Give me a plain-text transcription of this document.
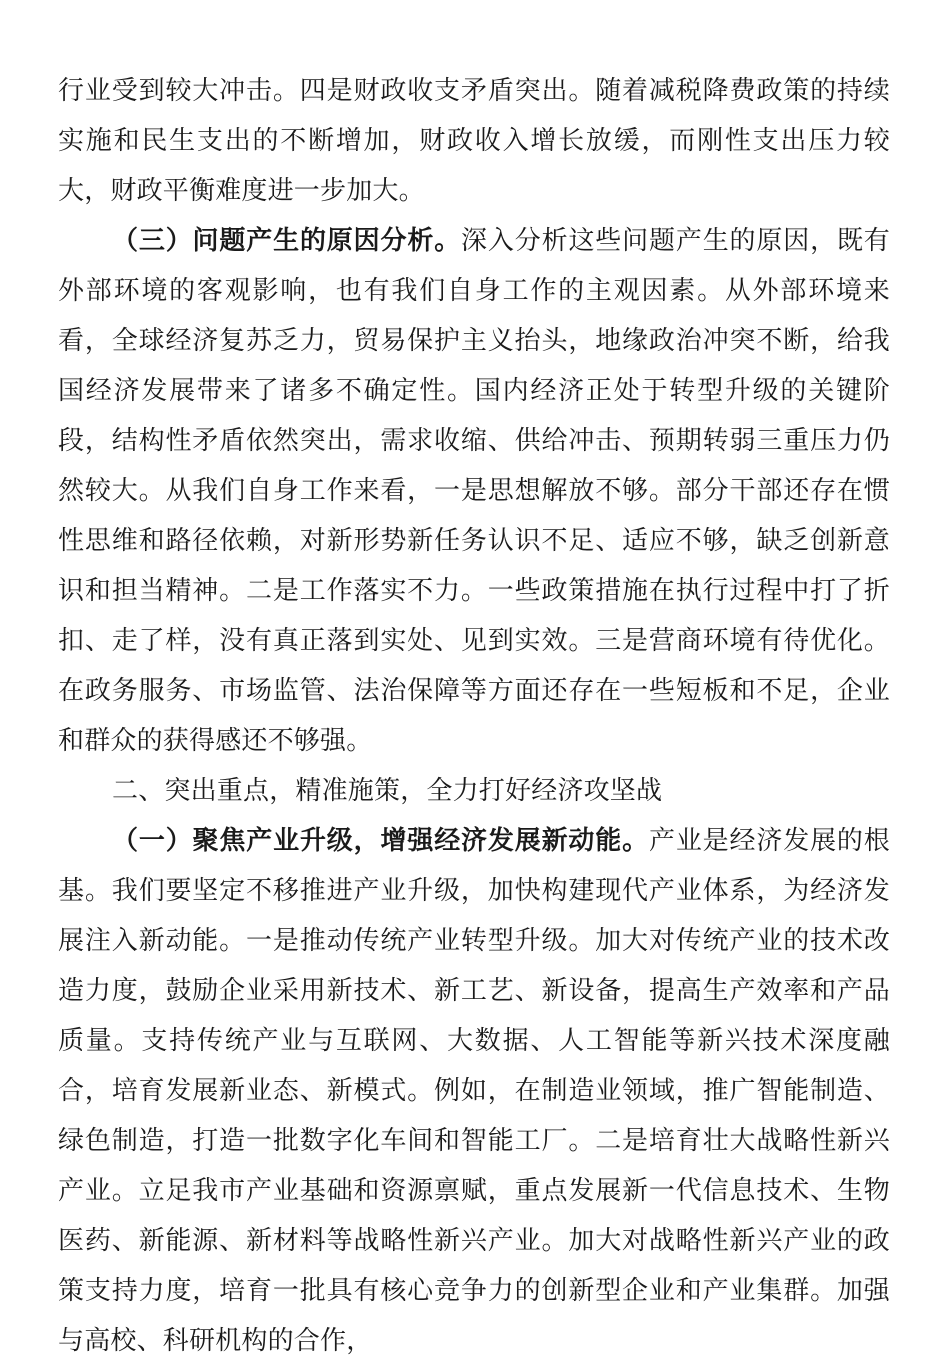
行业受到较大冲击。四是财政收支矛盾突出。随着减税降费政策的持续实施和民生支出的不断增加，财政收入增长放缓，而刚性支出压力较大，财政平衡难度进一步加大。

（三）问题产生的原因分析。深入分析这些问题产生的原因，既有外部环境的客观影响，也有我们自身工作的主观因素。从外部环境来看，全球经济复苏乏力，贸易保护主义抬头，地缘政治冲突不断，给我国经济发展带来了诸多不确定性。国内经济正处于转型升级的关键阶段，结构性矛盾依然突出，需求收缩、供给冲击、预期转弱三重压力仍然较大。从我们自身工作来看，一是思想解放不够。部分干部还存在惯性思维和路径依赖，对新形势新任务认识不足、适应不够，缺乏创新意识和担当精神。二是工作落实不力。一些政策措施在执行过程中打了折扣、走了样，没有真正落到实处、见到实效。三是营商环境有待优化。在政务服务、市场监管、法治保障等方面还存在一些短板和不足，企业和群众的获得感还不够强。

二、突出重点，精准施策，全力打好经济攻坚战

（一）聚焦产业升级，增强经济发展新动能。产业是经济发展的根基。我们要坚定不移推进产业升级，加快构建现代产业体系，为经济发展注入新动能。一是推动传统产业转型升级。加大对传统产业的技术改造力度，鼓励企业采用新技术、新工艺、新设备，提高生产效率和产品质量。支持传统产业与互联网、大数据、人工智能等新兴技术深度融合，培育发展新业态、新模式。例如，在制造业领域，推广智能制造、绿色制造，打造一批数字化车间和智能工厂。二是培育壮大战略性新兴产业。立足我市产业基础和资源禀赋，重点发展新一代信息技术、生物医药、新能源、新材料等战略性新兴产业。加大对战略性新兴产业的政策支持力度，培育一批具有核心竞争力的创新型企业和产业集群。加强与高校、科研机构的合作，
